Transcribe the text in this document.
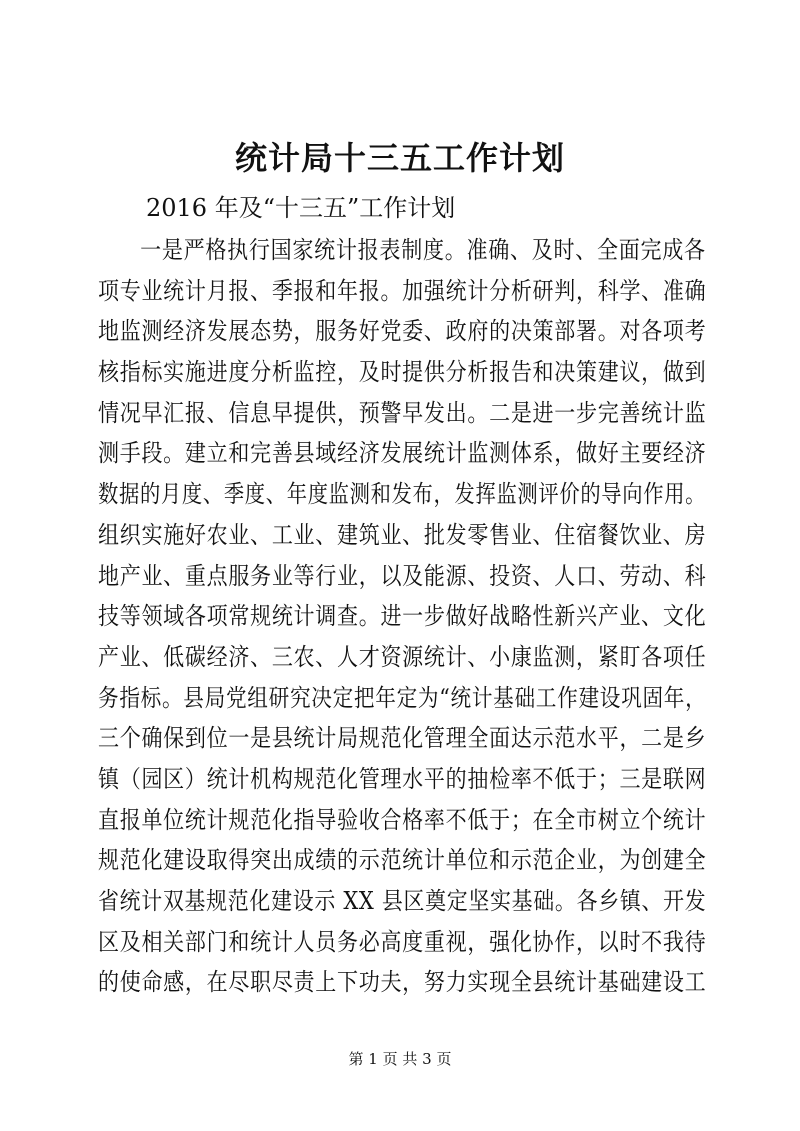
统计局十三五工作计划
2016 年及“十三五”工作计划
一是严格执行国家统计报表制度。准确、及时、全面完成各
项专业统计月报、季报和年报。加强统计分析研判，科学、准确
地监测经济发展态势，服务好党委、政府的决策部署。对各项考
核指标实施进度分析监控，及时提供分析报告和决策建议，做到
情况早汇报、信息早提供，预警早发出。二是进一步完善统计监
测手段。建立和完善县域经济发展统计监测体系，做好主要经济
数据的月度、季度、年度监测和发布，发挥监测评价的导向作用。
组织实施好农业、工业、建筑业、批发零售业、住宿餐饮业、房
地产业、重点服务业等行业，以及能源、投资、人口、劳动、科
技等领域各项常规统计调查。进一步做好战略性新兴产业、文化
产业、低碳经济、三农、人才资源统计、小康监测，紧盯各项任
务指标。县局党组研究决定把年定为“统计基础工作建设巩固年，
三个确保到位一是县统计局规范化管理全面达示范水平，二是乡
镇（园区）统计机构规范化管理水平的抽检率不低于；三是联网
直报单位统计规范化指导验收合格率不低于；在全市树立个统计
规范化建设取得突出成绩的示范统计单位和示范企业，为创建全
省统计双基规范化建设示 XX 县区奠定坚实基础。各乡镇、开发
区及相关部门和统计人员务必高度重视，强化协作，以时不我待
的使命感，在尽职尽责上下功夫，努力实现全县统计基础建设工
第 1 页 共 3 页
